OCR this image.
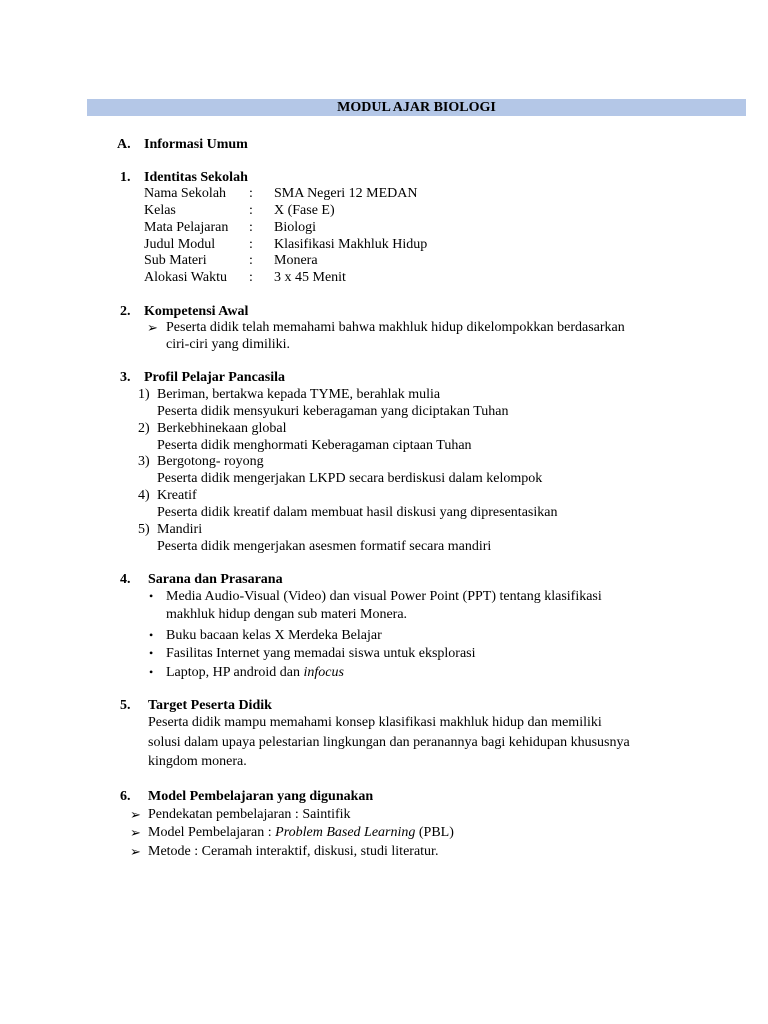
MODUL AJAR BIOLOGI
A. Informasi Umum
1. Identitas Sekolah
Nama Sekolah : SMA Negeri 12 MEDAN
Kelas	: X (Fase E)
Mata Pelajaran : Biologi
Judul Modul : Klasifikasi Makhluk Hidup
Sub Materi	: Monera
Alokasi Waktu : 3 x 45 Menit
2. Kompetensi Awal
➢ Peserta didik telah memahami bahwa makhluk hidup dikelompokkan berdasarkan
ciri-ciri yang dimiliki.
3. Profil Pelajar Pancasila
1) Beriman, bertakwa kepada TYME, berahlak mulia
Peserta didik mensyukuri keberagaman yang diciptakan Tuhan
2) Berkebhinekaan global
Peserta didik menghormati Keberagaman ciptaan Tuhan
3) Bergotong- royong
Peserta didik mengerjakan LKPD secara berdiskusi dalam kelompok
4) Kreatif
Peserta didik kreatif dalam membuat hasil diskusi yang dipresentasikan
5) Mandiri
Peserta didik mengerjakan asesmen formatif secara mandiri
4. Sarana dan Prasarana
• Media Audio-Visual (Video) dan visual Power Point (PPT) tentang klasifikasi
makhluk hidup dengan sub materi Monera.
• Buku bacaan kelas X Merdeka Belajar
• Fasilitas Internet yang memadai siswa untuk eksplorasi
• Laptop, HP android dan infocus
5. Target Peserta Didik
Peserta didik mampu memahami konsep klasifikasi makhluk hidup dan memiliki
solusi dalam upaya pelestarian lingkungan dan peranannya bagi kehidupan khususnya
kingdom monera.
6. Model Pembelajaran yang digunakan
➢ Pendekatan pembelajaran : Saintifik
➢ Model Pembelajaran : Problem Based Learning (PBL)
➢ Metode : Ceramah interaktif, diskusi, studi literatur.
